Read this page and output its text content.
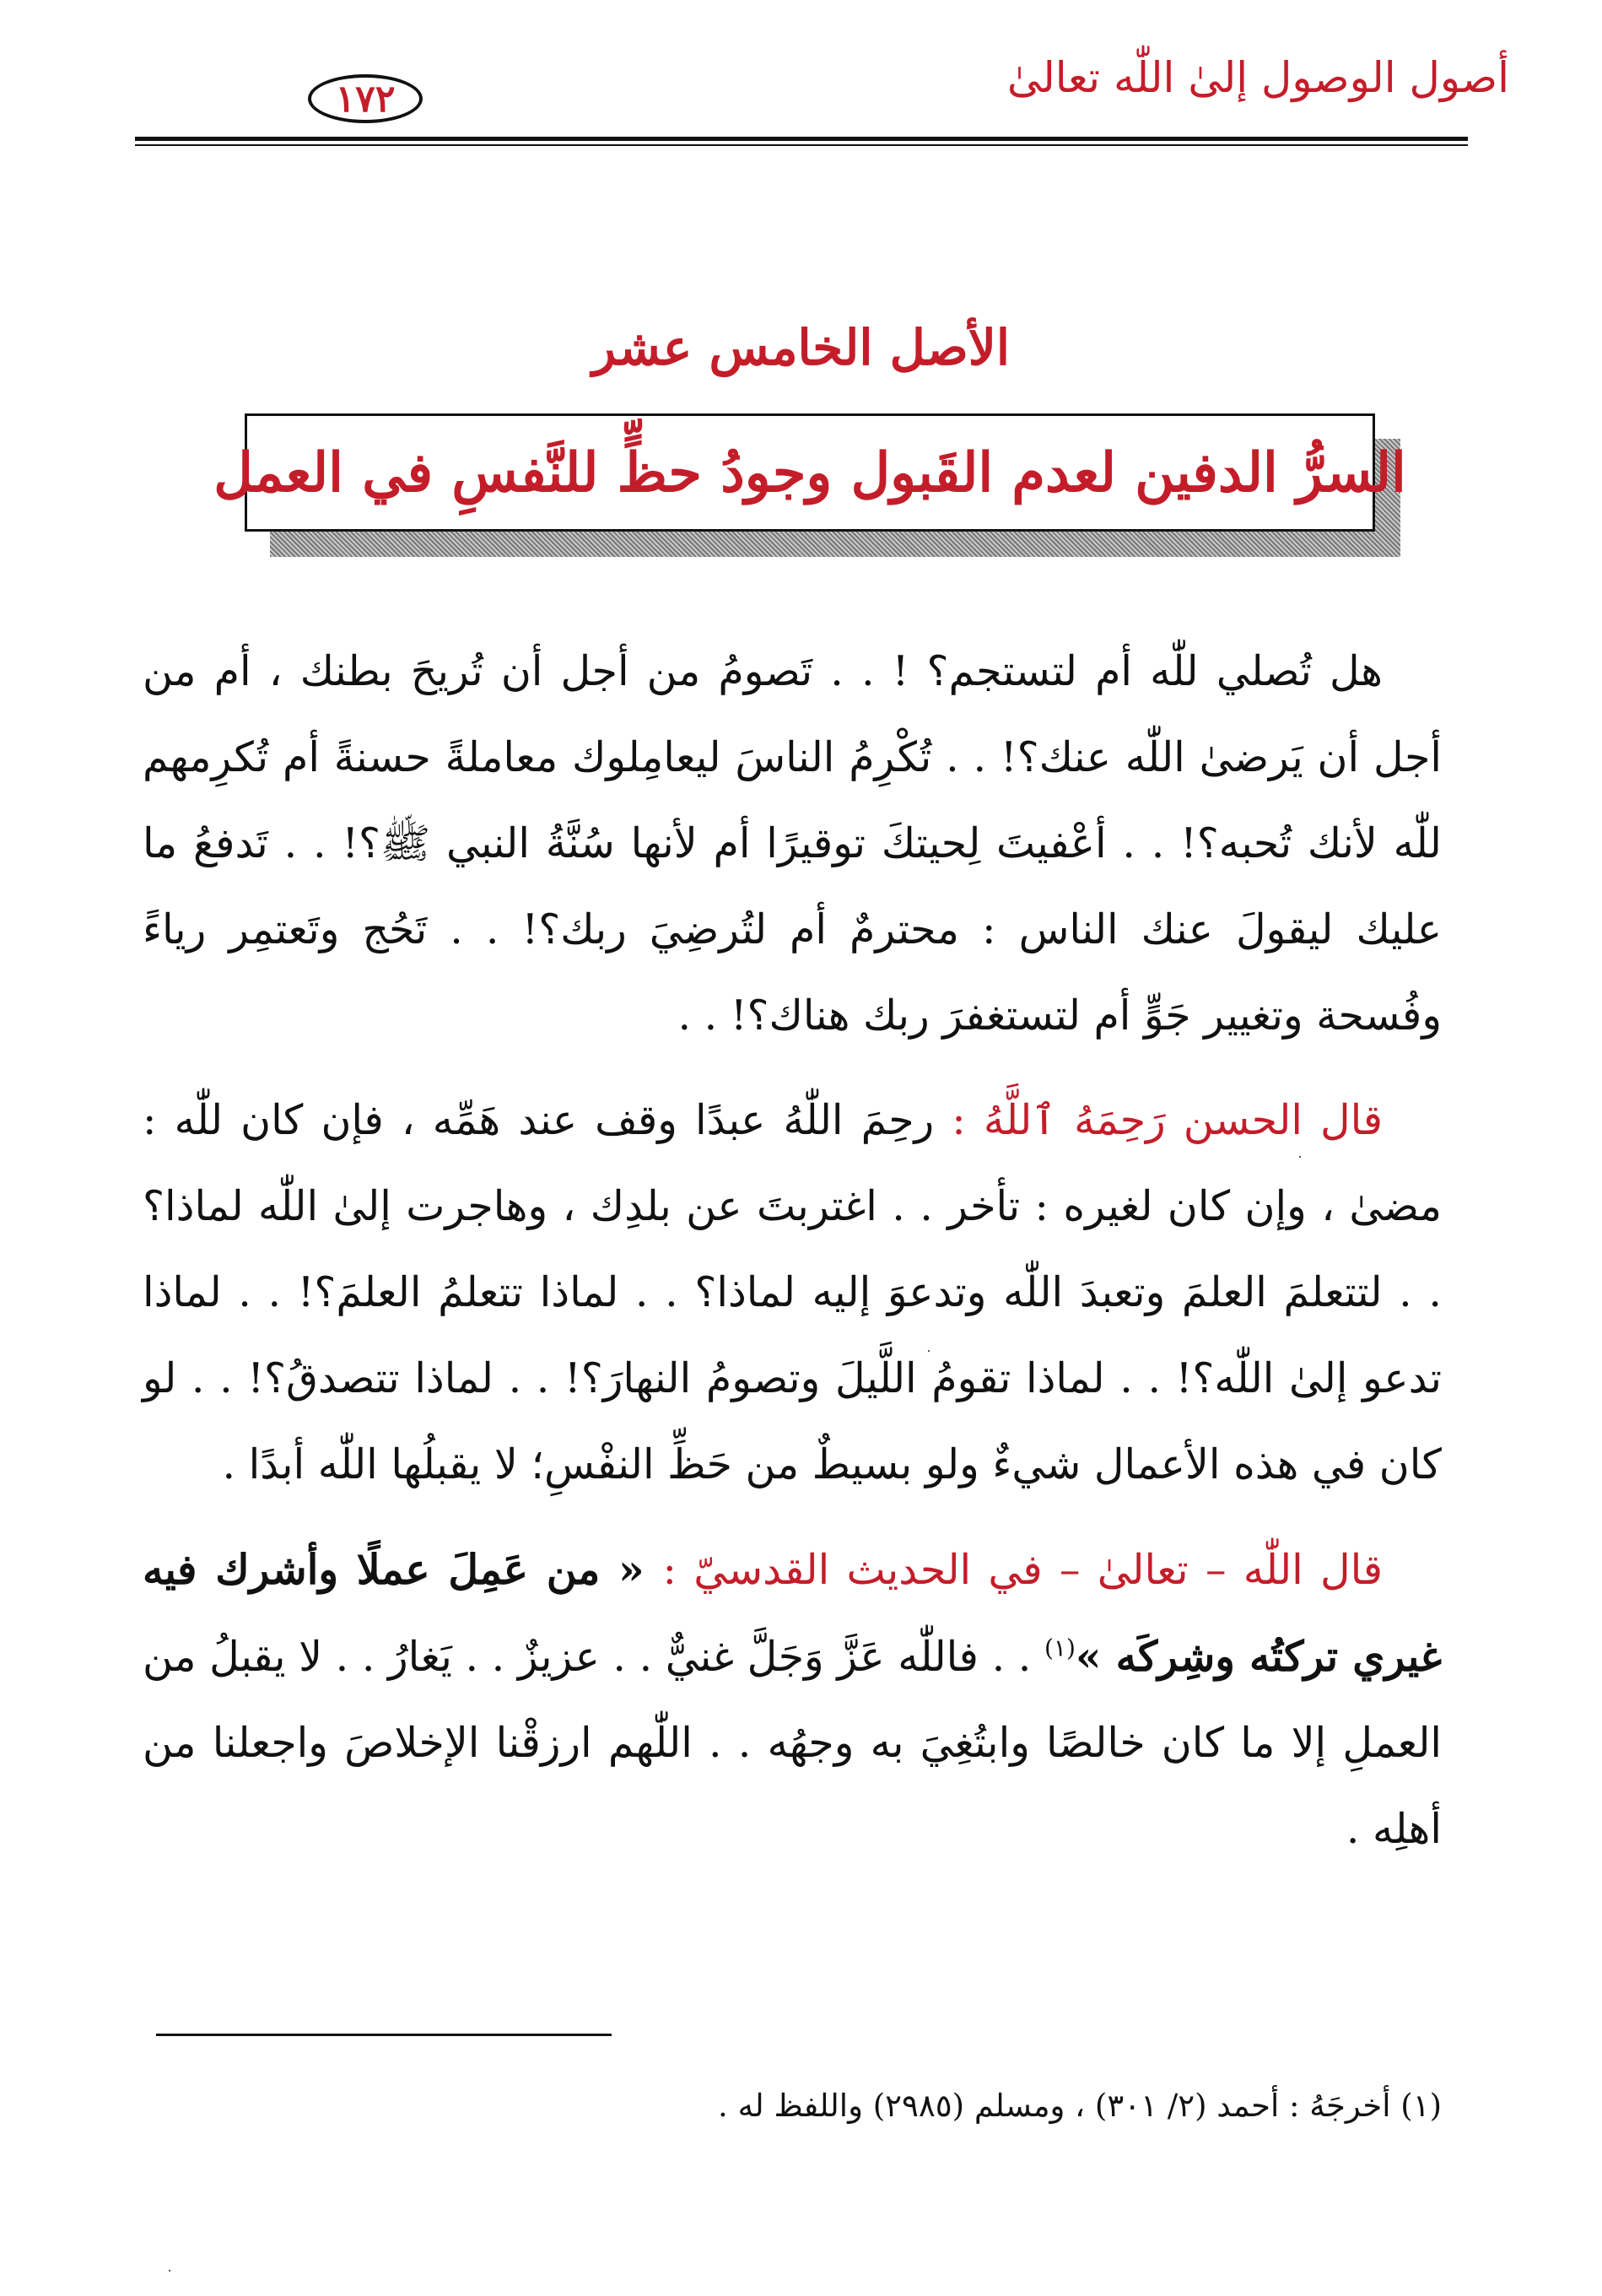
أصول الوصول إلىٰ اللّٰه تعالىٰ
١٧٢
الأصل الخامس عشر
السرُّ الدفين لعدم القَبول وجودُ حظٍّ للنَّفسِ في العمل

هل تُصلي للّٰه أم لتستجم؟ ! . . تَصومُ من أجل أن تُريحَ بطنك ، أم من أجل أن يَرضىٰ اللّٰه عنك؟! . . تُكْرِمُ الناسَ ليعامِلوك معاملةً حسنةً أم تُكرِمهم للّٰه لأنك تُحبه؟! . . أعْفيتَ لِحيتكَ توقيرًا أم لأنها سُنَّةُ النبي ﷺ؟! . . تَدفعُ ما عليك ليقولَ عنك الناس : محترمٌ أم لتُرضِيَ ربك؟! . . تَحُج وتَعتمِر رياءً وفُسحة وتغيير جَوٍّ أم لتستغفرَ ربك هناك؟! . .

قال الحسن رَحِمَهُ ٱللَّهُ : رحِمَ اللّٰهُ عبدًا وقف عند هَمِّه ، فإن كان للّٰه : مضىٰ ، وإن كان لغيره : تأخر . . اغتربتَ عن بلدِك ، وهاجرت إلىٰ اللّٰه لماذا؟ . . لتتعلمَ العلمَ وتعبدَ اللّٰه وتدعوَ إليه لماذا؟ . . لماذا تتعلمُ العلمَ؟! . . لماذا تدعو إلىٰ اللّٰه؟! . . لماذا تقومُ اللَّيلَ وتصومُ النهارَ؟! . . لماذا تتصدقُ؟! . . لو كان في هذه الأعمال شيءٌ ولو بسيطٌ من حَظِّ النفْسِ؛ لا يقبلُها اللّٰه أبدًا .

قال اللّٰه – تعالىٰ – في الحديث القدسيّ : « من عَمِلَ عملًا وأشرك فيه غيري تركتُه وشِركَه »$^{(١)}$ . . فاللّٰه عَزَّ وَجَلَّ غنيٌّ . . عزيزٌ . . يَغارُ . . لا يقبلُ من العملِ إلا ما كان خالصًا وابتُغِيَ به وجهُه . . اللّٰهم ارزقْنا الإخلاصَ واجعلنا من أهلِه .

(١) أخرجَهُ : أحمد (٢/ ٣٠١) ، ومسلم (٢٩٨٥) واللفظ له .
